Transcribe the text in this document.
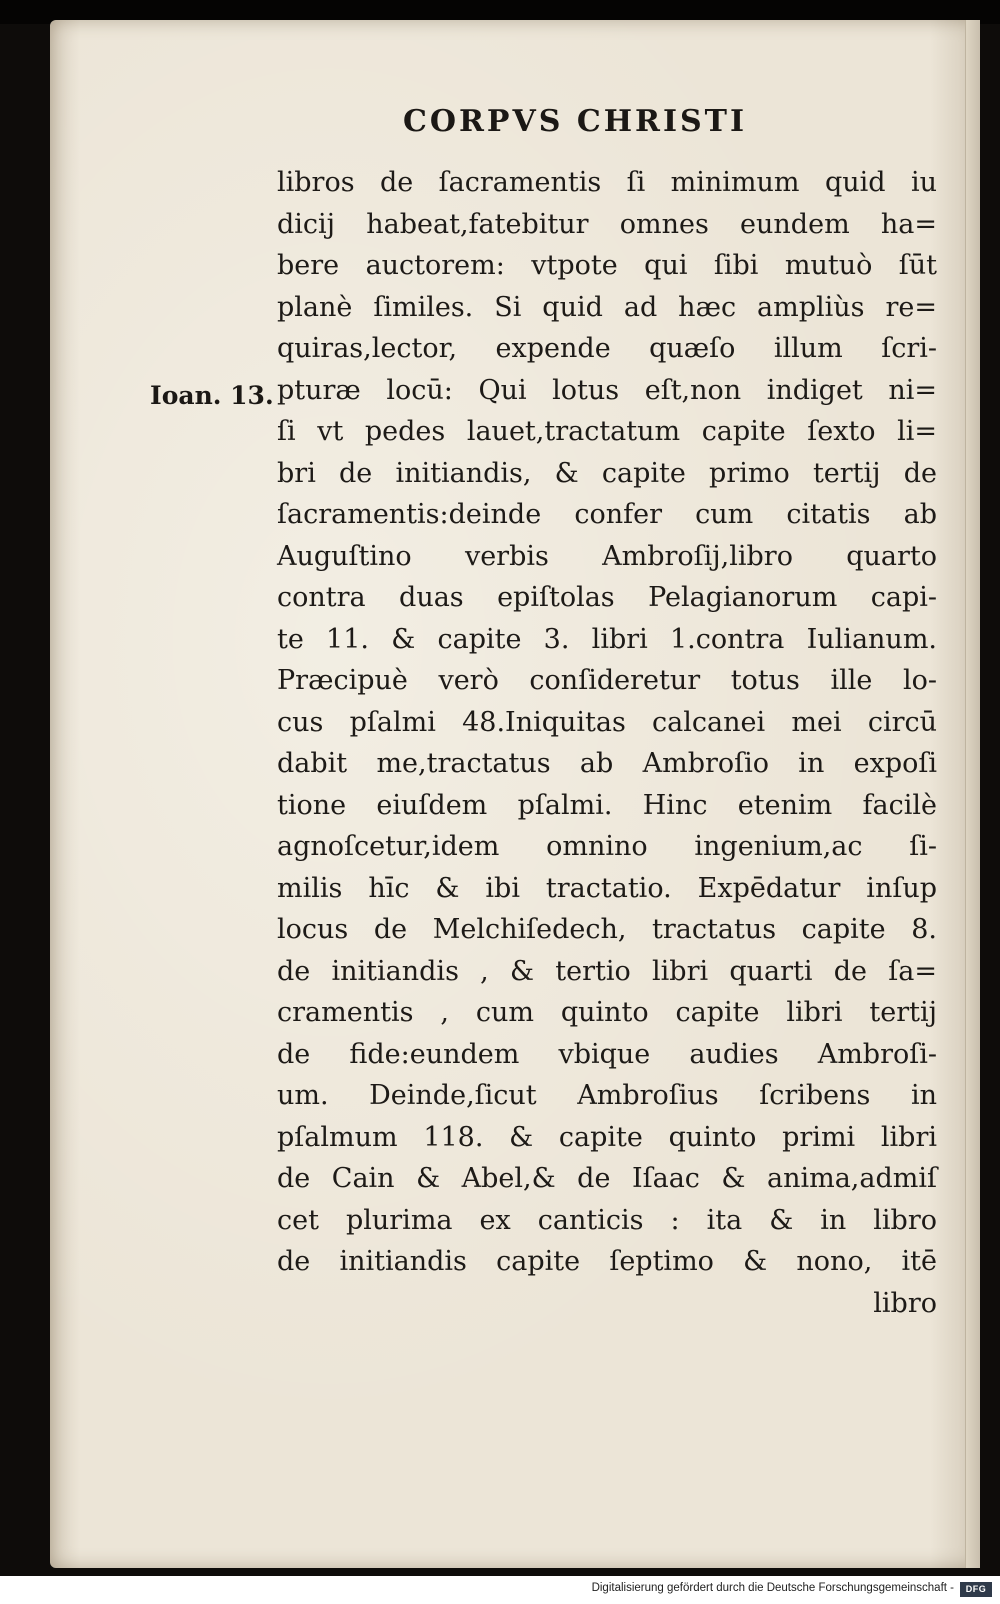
CORPVS CHRISTI
Ioan. 13.
libros de ſacramentis ſi minimum quid iu
dicij habeat,fatebitur omnes eundem ha=
bere auctorem: vtpote qui ſibi mutuò ſūt
planè ſimiles. Si quid ad hæc ampliùs re=
quiras,lector, expende quæſo illum ſcri-
pturæ locū: Qui lotus eſt,non indiget ni=
ſi vt pedes lauet,tractatum capite ſexto li=
bri de initiandis, & capite primo tertij de
ſacramentis:deinde confer cum citatis ab
Auguſtino verbis Ambroſij,libro quarto
contra duas epiſtolas Pelagianorum capi-
te 11. & capite 3. libri 1.contra Iulianum.
Præcipuè verò conſideretur totus ille lo-
cus pſalmi 48.Iniquitas calcanei mei circū
dabit me,tractatus ab Ambroſio in expoſi
tione eiuſdem pſalmi. Hinc etenim facilè
agnoſcetur,idem omnino ingenium,ac ſi-
milis hīc & ibi tractatio. Expēdatur inſup
locus de Melchiſedech, tractatus capite 8.
de initiandis , & tertio libri quarti de ſa=
cramentis , cum quinto capite libri tertij
de fide:eundem vbique audies Ambroſi-
um. Deinde,ſicut Ambroſius ſcribens in
pſalmum 118. & capite quinto primi libri
de Cain & Abel,& de Iſaac & anima,admiſ
cet plurima ex canticis : ita & in libro
de initiandis capite ſeptimo & nono, itē
libro
Digitalisierung gefördert durch die Deutsche Forschungsgemeinschaft -	DFG
